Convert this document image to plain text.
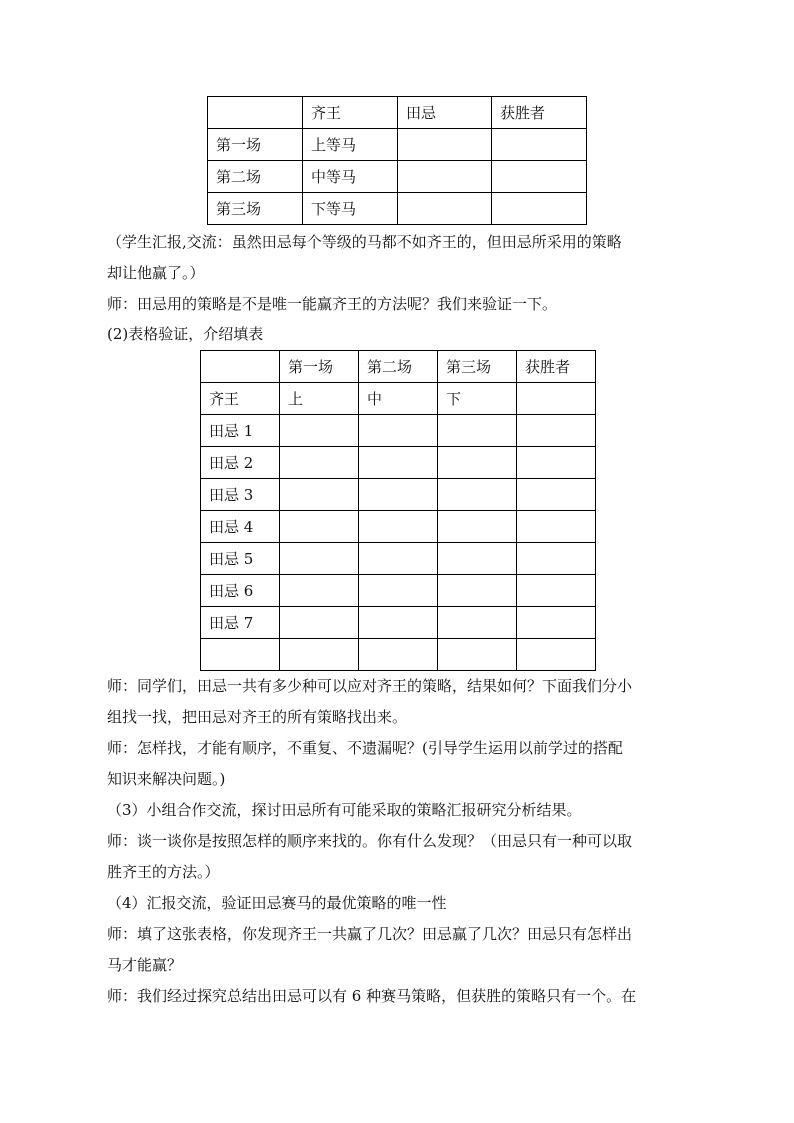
	齐王	田忌	获胜者
第一场	上等马		
第二场	中等马		
第三场	下等马		
（学生汇报,交流：虽然田忌每个等级的马都不如齐王的，但田忌所采用的策略
却让他赢了。）
师：田忌用的策略是不是唯一能赢齐王的方法呢？我们来验证一下。
(2)表格验证，介绍填表
	第一场	第二场	第三场	获胜者
齐王	上	中	下	
田忌 1				
田忌 2				
田忌 3				
田忌 4				
田忌 5				
田忌 6				
田忌 7				

师：同学们，田忌一共有多少种可以应对齐王的策略，结果如何？下面我们分小
组找一找，把田忌对齐王的所有策略找出来。
师：怎样找，才能有顺序，不重复、不遗漏呢？(引导学生运用以前学过的搭配
知识来解决问题。)
（3）小组合作交流，探讨田忌所有可能采取的策略汇报研究分析结果。
师：谈一谈你是按照怎样的顺序来找的。你有什么发现？（田忌只有一种可以取
胜齐王的方法。）
（4）汇报交流，验证田忌赛马的最优策略的唯一性
师：填了这张表格，你发现齐王一共赢了几次？田忌赢了几次？田忌只有怎样出
马才能赢？
师：我们经过探究总结出田忌可以有 6 种赛马策略，但获胜的策略只有一个。在
